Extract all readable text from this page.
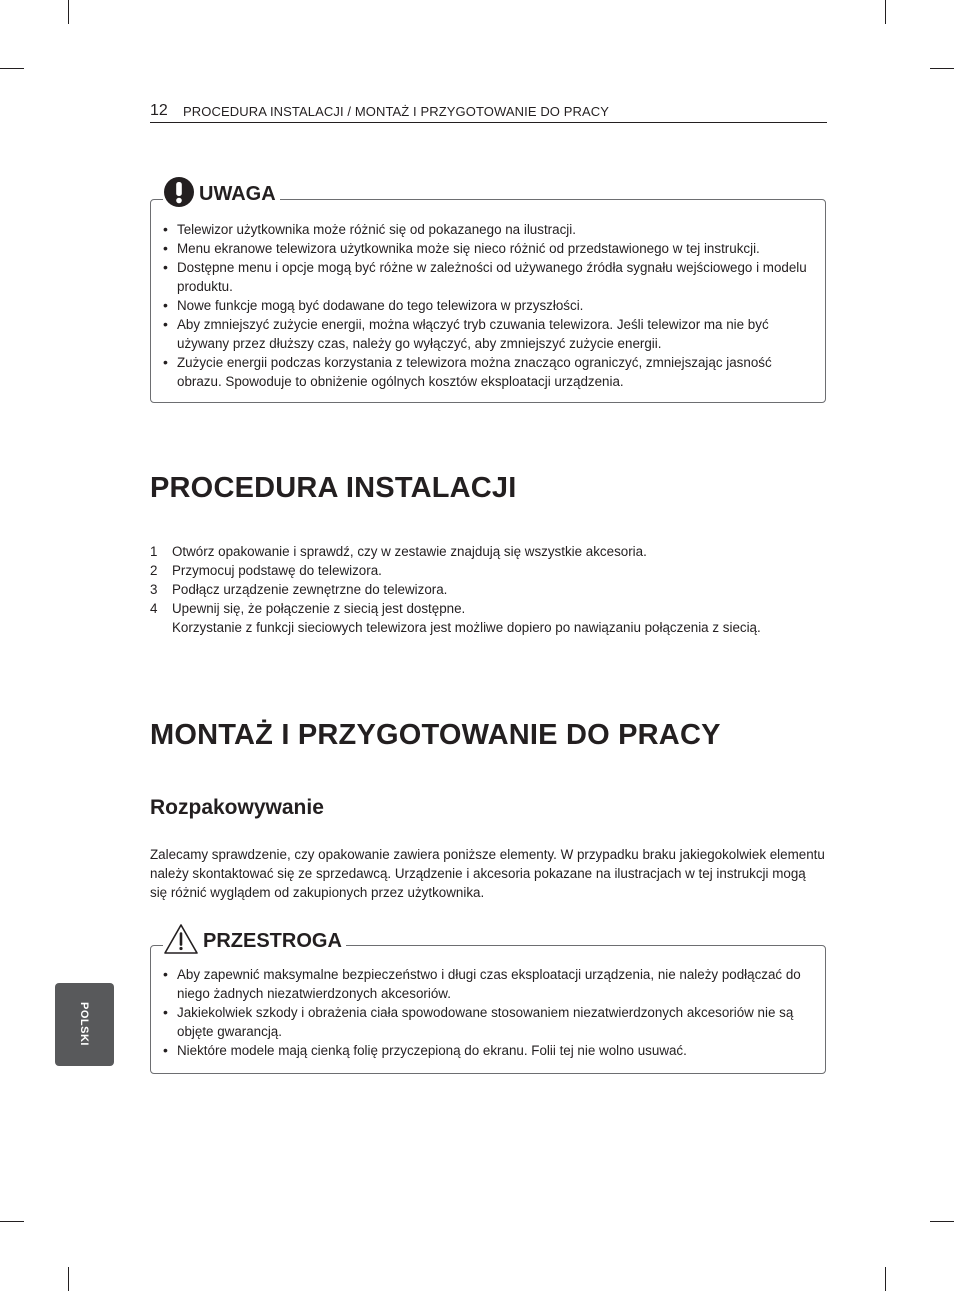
12 PROCEDURA INSTALACJI / MONTAŻ I PRZYGOTOWANIE DO PRACY
UWAGA
• Telewizor użytkownika może różnić się od pokazanego na ilustracji.
• Menu ekranowe telewizora użytkownika może się nieco różnić od przedstawionego w tej instrukcji.
• Dostępne menu i opcje mogą być różne w zależności od używanego źródła sygnału wejściowego i modelu produktu.
• Nowe funkcje mogą być dodawane do tego telewizora w przyszłości.
• Aby zmniejszyć zużycie energii, można włączyć tryb czuwania telewizora. Jeśli telewizor ma nie być używany przez dłuższy czas, należy go wyłączyć, aby zmniejszyć zużycie energii.
• Zużycie energii podczas korzystania z telewizora można znacząco ograniczyć, zmniejszając jasność obrazu. Spowoduje to obniżenie ogólnych kosztów eksploatacji urządzenia.
PROCEDURA INSTALACJI
1 Otwórz opakowanie i sprawdź, czy w zestawie znajdują się wszystkie akcesoria.
2 Przymocuj podstawę do telewizora.
3 Podłącz urządzenie zewnętrzne do telewizora.
4 Upewnij się, że połączenie z siecią jest dostępne.
Korzystanie z funkcji sieciowych telewizora jest możliwe dopiero po nawiązaniu połączenia z siecią.
MONTAŻ I PRZYGOTOWANIE DO PRACY
Rozpakowywanie

Zalecamy sprawdzenie, czy opakowanie zawiera poniższe elementy. W przypadku braku jakiegokolwiek elementu należy skontaktować się ze sprzedawcą. Urządzenie i akcesoria pokazane na ilustracjach w tej instrukcji mogą się różnić wyglądem od zakupionych przez użytkownika.

PRZESTROGA
• Aby zapewnić maksymalne bezpieczeństwo i długi czas eksploatacji urządzenia, nie należy podłączać do niego żadnych niezatwierdzonych akcesoriów.
• Jakiekolwiek szkody i obrażenia ciała spowodowane stosowaniem niezatwierdzonych akcesoriów nie są objęte gwarancją.
• Niektóre modele mają cienką folię przyczepioną do ekranu. Folii tej nie wolno usuwać.
POLSKI
